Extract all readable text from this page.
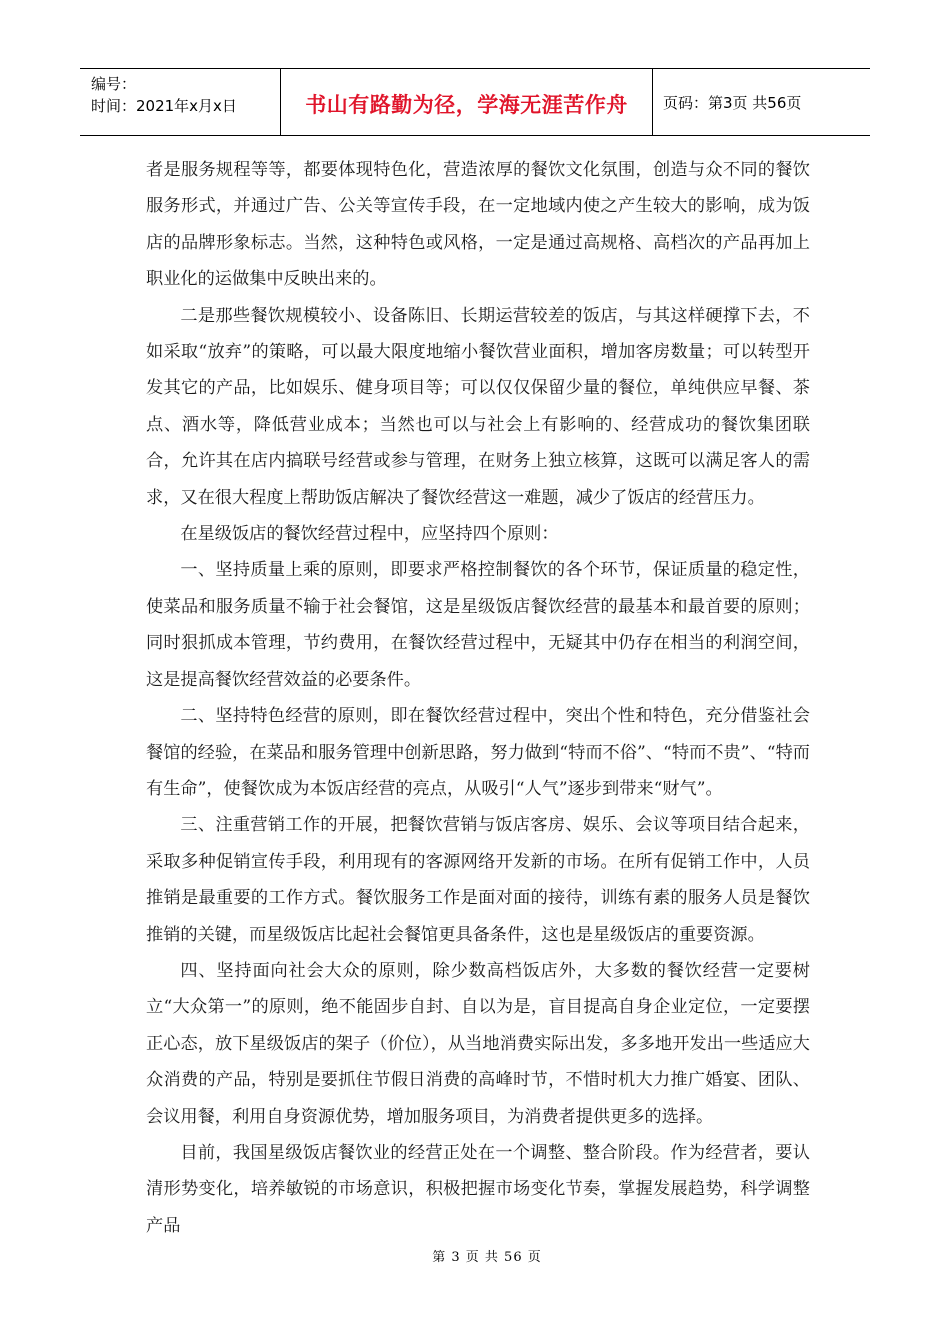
编号：
时间：2021年x月x日	书山有路勤为径，学海无涯苦作舟	页码：第3页 共56页

者是服务规程等等，都要体现特色化，营造浓厚的餐饮文化氛围，创造与众不同的餐饮服务形式，并通过广告、公关等宣传手段，在一定地域内使之产生较大的影响，成为饭店的品牌形象标志。当然，这种特色或风格，一定是通过高规格、高档次的产品再加上职业化的运做集中反映出来的。

二是那些餐饮规模较小、设备陈旧、长期运营较差的饭店，与其这样硬撑下去，不如采取“放弃”的策略，可以最大限度地缩小餐饮营业面积，增加客房数量；可以转型开发其它的产品，比如娱乐、健身项目等；可以仅仅保留少量的餐位，单纯供应早餐、茶点、酒水等，降低营业成本；当然也可以与社会上有影响的、经营成功的餐饮集团联合，允许其在店内搞联号经营或参与管理，在财务上独立核算，这既可以满足客人的需求，又在很大程度上帮助饭店解决了餐饮经营这一难题，减少了饭店的经营压力。

在星级饭店的餐饮经营过程中，应坚持四个原则：

一、坚持质量上乘的原则，即要求严格控制餐饮的各个环节，保证质量的稳定性，使菜品和服务质量不输于社会餐馆，这是星级饭店餐饮经营的最基本和最首要的原则；同时狠抓成本管理，节约费用，在餐饮经营过程中，无疑其中仍存在相当的利润空间，这是提高餐饮经营效益的必要条件。

二、坚持特色经营的原则，即在餐饮经营过程中，突出个性和特色，充分借鉴社会餐馆的经验，在菜品和服务管理中创新思路，努力做到“特而不俗”、“特而不贵”、“特而有生命”，使餐饮成为本饭店经营的亮点，从吸引“人气”逐步到带来“财气”。

三、注重营销工作的开展，把餐饮营销与饭店客房、娱乐、会议等项目结合起来，采取多种促销宣传手段，利用现有的客源网络开发新的市场。在所有促销工作中，人员推销是最重要的工作方式。餐饮服务工作是面对面的接待，训练有素的服务人员是餐饮推销的关键，而星级饭店比起社会餐馆更具备条件，这也是星级饭店的重要资源。

四、坚持面向社会大众的原则，除少数高档饭店外，大多数的餐饮经营一定要树立“大众第一”的原则，绝不能固步自封、自以为是，盲目提高自身企业定位，一定要摆正心态，放下星级饭店的架子（价位），从当地消费实际出发，多多地开发出一些适应大众消费的产品，特别是要抓住节假日消费的高峰时节，不惜时机大力推广婚宴、团队、会议用餐，利用自身资源优势，增加服务项目，为消费者提供更多的选择。

目前，我国星级饭店餐饮业的经营正处在一个调整、整合阶段。作为经营者，要认清形势变化，培养敏锐的市场意识，积极把握市场变化节奏，掌握发展趋势，科学调整产品

第 3 页 共 56 页
